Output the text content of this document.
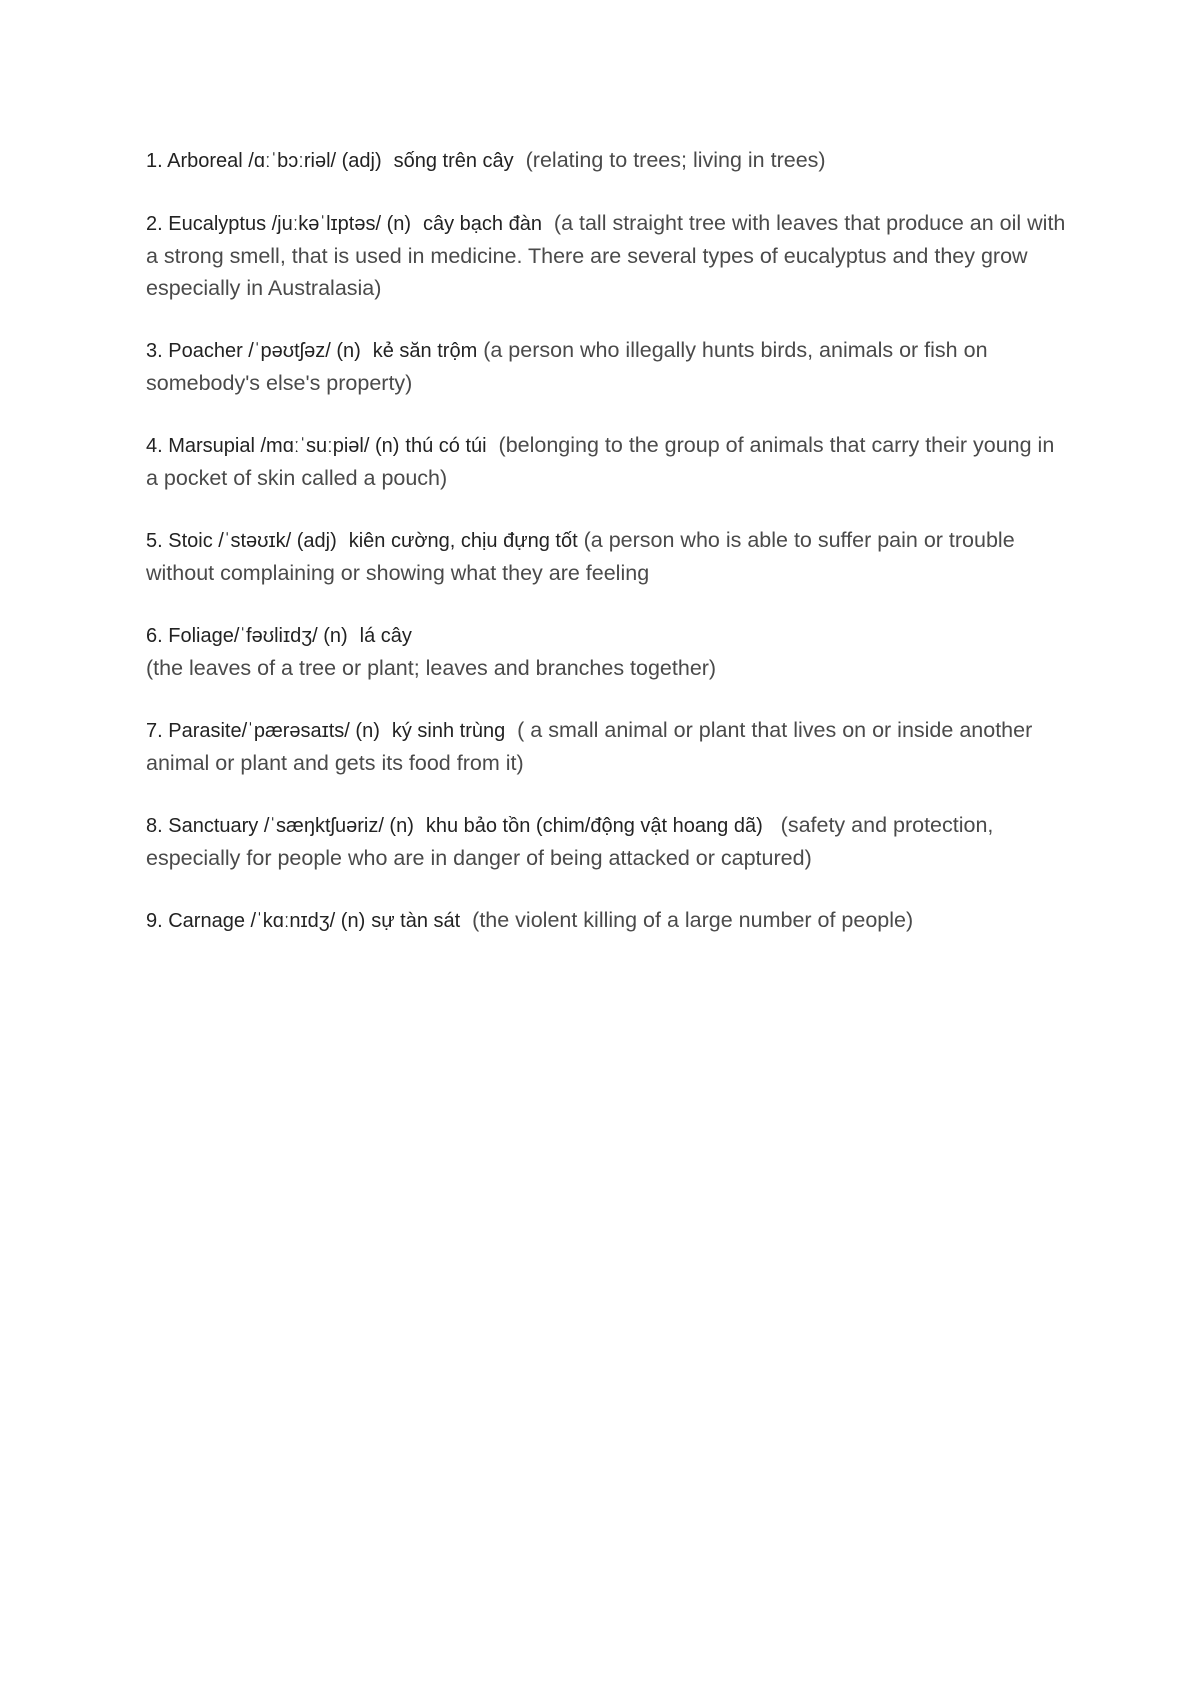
1. Arboreal /ɑːˈbɔːriəl/ (adj) sống trên cây (relating to trees; living in trees)

2. Eucalyptus /juːkəˈlɪptəs/ (n) cây bạch đàn (a tall straight tree with leaves that produce an oil with a strong smell, that is used in medicine. There are several types of eucalyptus and they grow especially in Australasia)

3. Poacher /ˈpəʊtʃəz/ (n) kẻ săn trộm (a person who illegally hunts birds, animals or fish on somebody's else's property)

4. Marsupial /mɑːˈsuːpiəl/ (n) thú có túi (belonging to the group of animals that carry their young in a pocket of skin called a pouch)

5. Stoic /ˈstəʊɪk/ (adj) kiên cường, chịu đựng tốt (a person who is able to suffer pain or trouble without complaining or showing what they are feeling

6. Foliage/ˈfəʊliɪdʒ/ (n) lá cây
(the leaves of a tree or plant; leaves and branches together)

7. Parasite/ˈpærəsaɪts/ (n) ký sinh trùng ( a small animal or plant that lives on or inside another animal or plant and gets its food from it)

8. Sanctuary /ˈsæŋktʃuəriz/ (n) khu bảo tồn (chim/động vật hoang dã) (safety and protection, especially for people who are in danger of being attacked or captured)

9. Carnage /ˈkɑːnɪdʒ/ (n) sự tàn sát (the violent killing of a large number of people)
